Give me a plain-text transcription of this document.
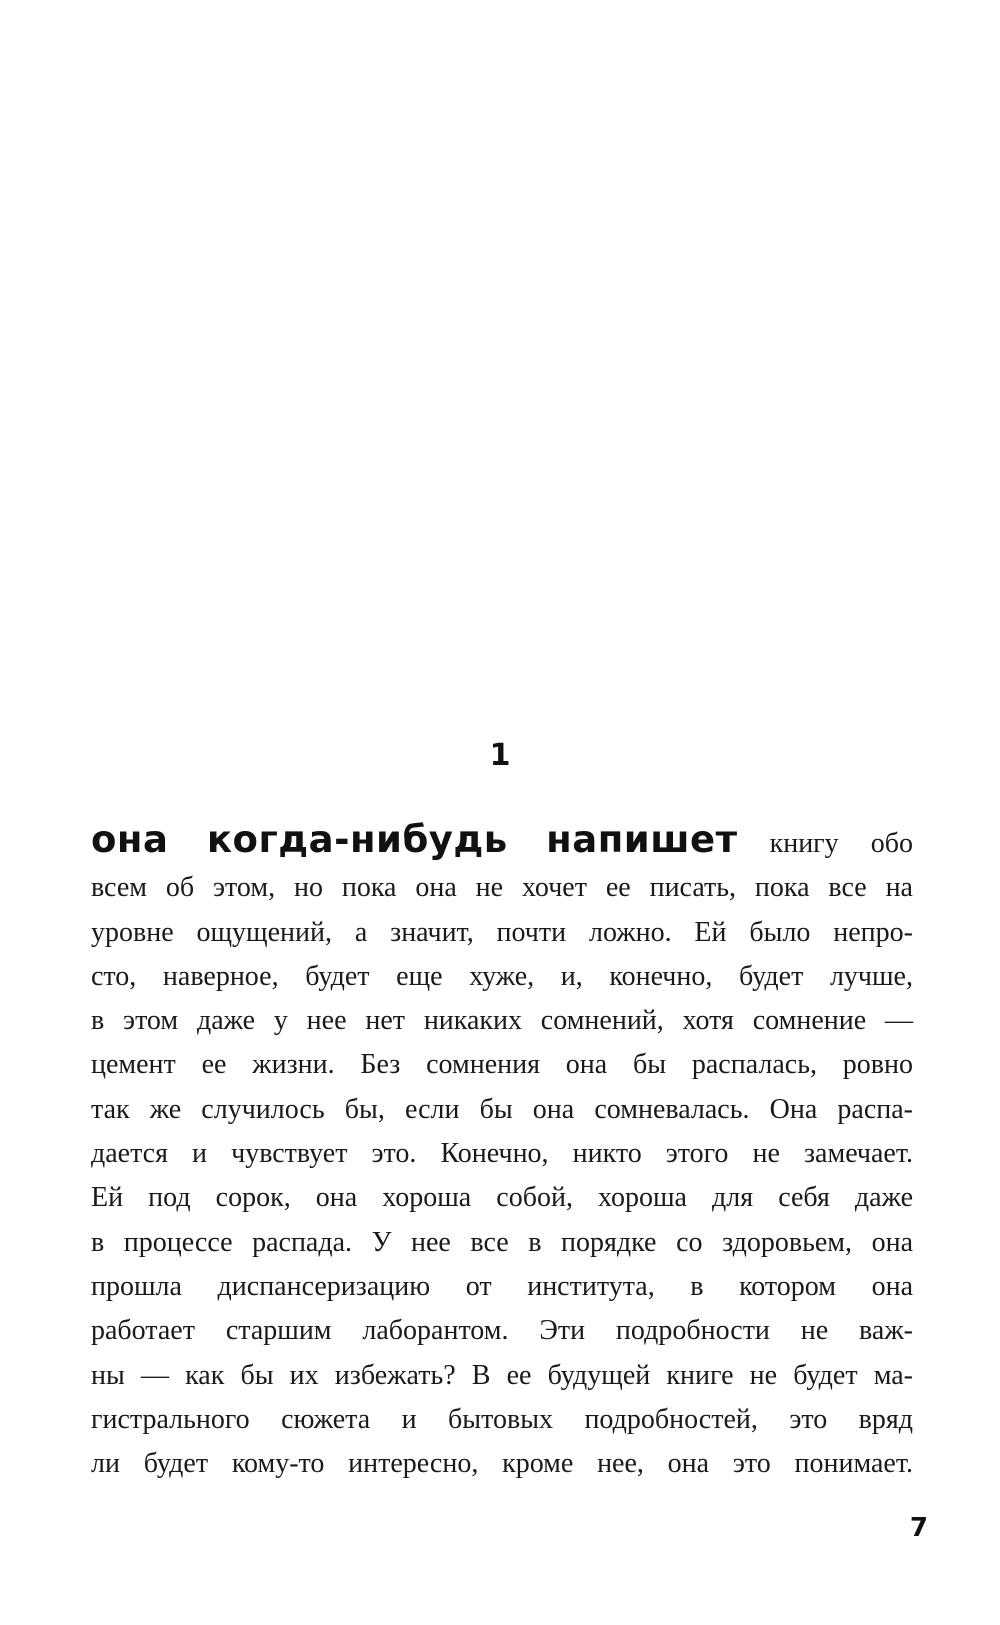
1
она когда-нибудь напишет книгу обо
всем об этом, но пока она не хочет ее писать, пока все на
уровне ощущений, а значит, почти ложно. Ей было непро-
сто, наверное, будет еще хуже, и, конечно, будет лучше,
в этом даже у нее нет никаких сомнений, хотя сомнение —
цемент ее жизни. Без сомнения она бы распалась, ровно
так же случилось бы, если бы она сомневалась. Она распа-
дается и чувствует это. Конечно, никто этого не замечает.
Ей под сорок, она хороша собой, хороша для себя даже
в процессе распада. У нее все в порядке со здоровьем, она
прошла диспансеризацию от института, в котором она
работает старшим лаборантом. Эти подробности не важ-
ны — как бы их избежать? В ее будущей книге не будет ма-
гистрального сюжета и бытовых подробностей, это вряд
ли будет кому-то интересно, кроме нее, она это понимает.
7
